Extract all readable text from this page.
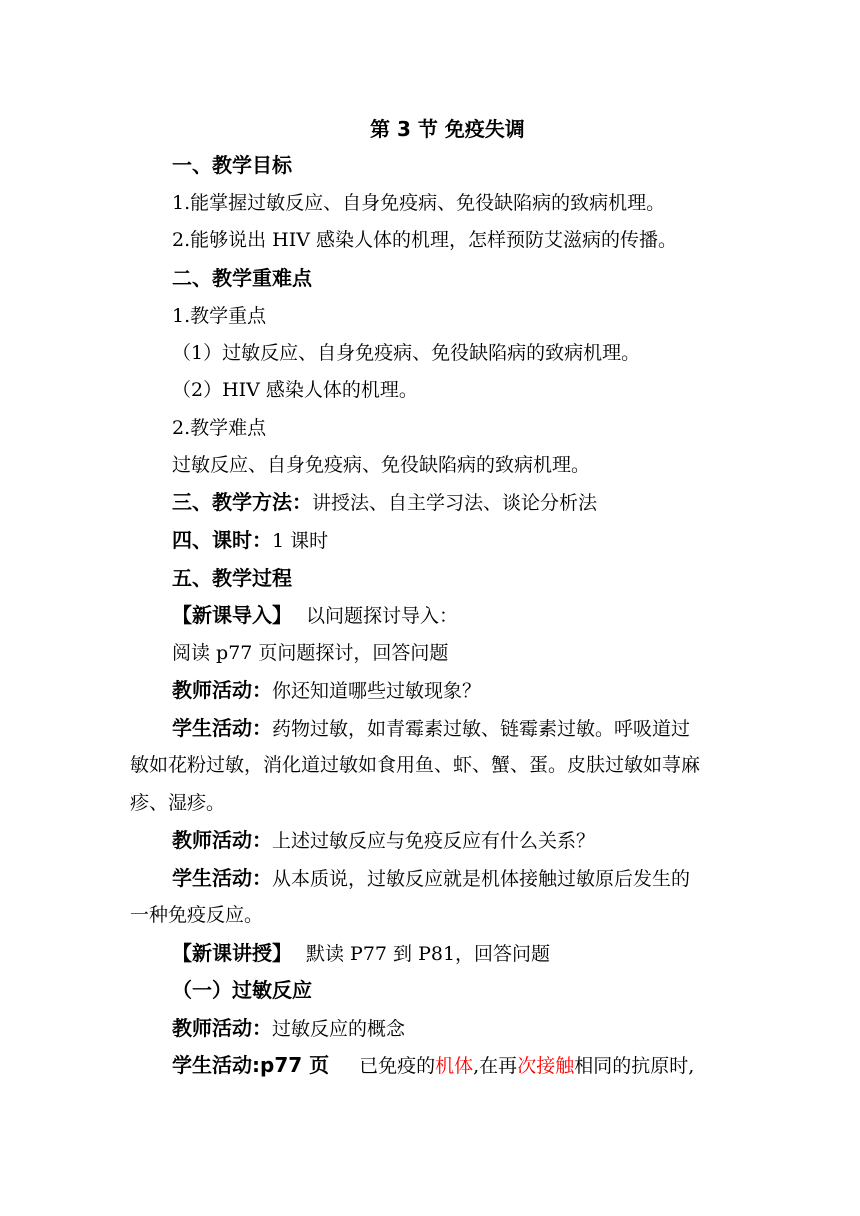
第 3 节 免疫失调
一、教学目标
1.能掌握过敏反应、自身免疫病、免役缺陷病的致病机理。
2.能够说出 HIV 感染人体的机理，怎样预防艾滋病的传播。
二、教学重难点
1.教学重点
（1）过敏反应、自身免疫病、免役缺陷病的致病机理。
（2）HIV 感染人体的机理。
2.教学难点
过敏反应、自身免疫病、免役缺陷病的致病机理。
三、教学方法：讲授法、自主学习法、谈论分析法
四、课时：1 课时
五、教学过程
【新课导入】 以问题探讨导入：
阅读 p77 页问题探讨，回答问题
教师活动：你还知道哪些过敏现象？
学生活动：药物过敏，如青霉素过敏、链霉素过敏。呼吸道过
敏如花粉过敏，消化道过敏如食用鱼、虾、蟹、蛋。皮肤过敏如荨麻
疹、湿疹。
教师活动：上述过敏反应与免疫反应有什么关系？
学生活动：从本质说，过敏反应就是机体接触过敏原后发生的
一种免疫反应。
【新课讲授】 默读 P77 到 P81，回答问题
（一）过敏反应
教师活动：过敏反应的概念
学生活动:p77 页 已免疫的机体,在再次接触相同的抗原时,
